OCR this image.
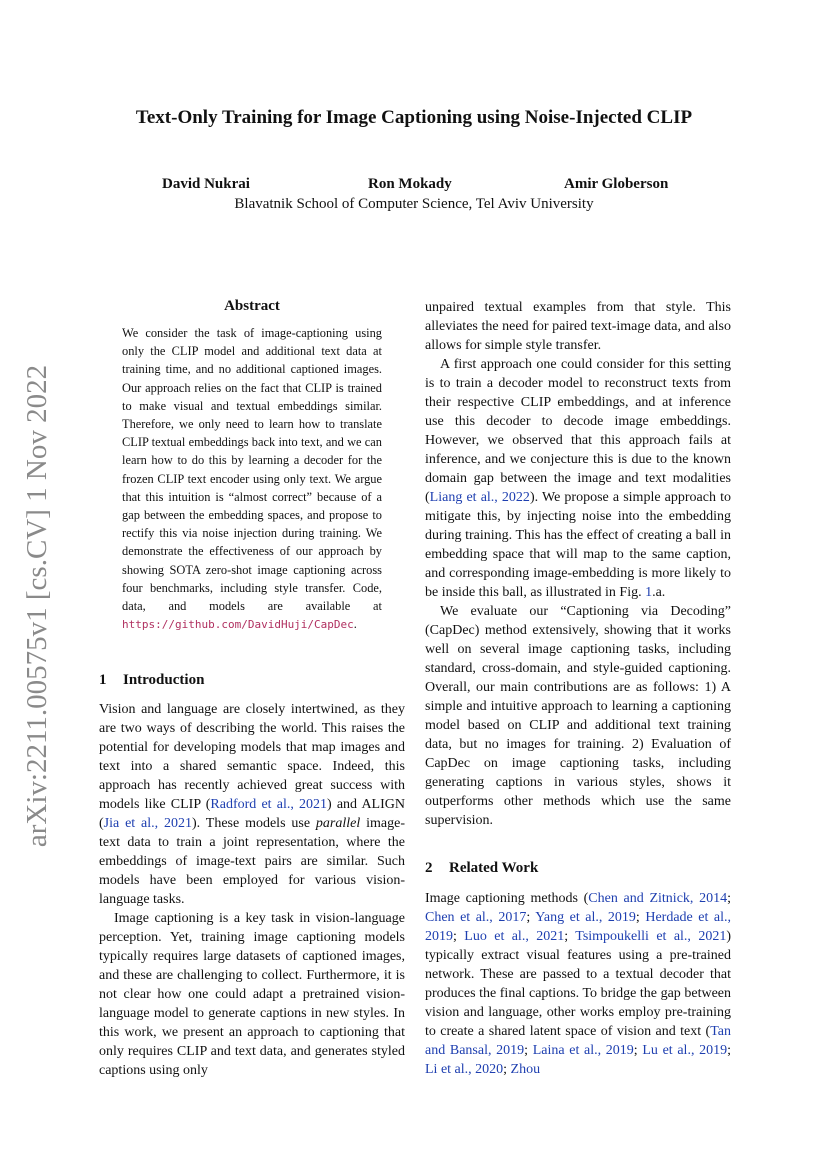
Text-Only Training for Image Captioning using Noise-Injected CLIP
David Nukrai	Ron Mokady	Amir Globerson
Blavatnik School of Computer Science, Tel Aviv University
arXiv:2211.00575v1 [cs.CV] 1 Nov 2022
Abstract

We consider the task of image-captioning using only the CLIP model and additional text data at training time, and no additional captioned images. Our approach relies on the fact that CLIP is trained to make visual and textual embeddings similar. Therefore, we only need to learn how to translate CLIP textual embeddings back into text, and we can learn how to do this by learning a decoder for the frozen CLIP text encoder using only text. We argue that this intuition is “almost correct” because of a gap between the embedding spaces, and propose to rectify this via noise injection during training. We demonstrate the effectiveness of our approach by showing SOTA zero-shot image captioning across four benchmarks, including style transfer. Code, data, and models are available at https://github.com/DavidHuji/CapDec.

1 Introduction

Vision and language are closely intertwined, as they are two ways of describing the world. This raises the potential for developing models that map images and text into a shared semantic space. Indeed, this approach has recently achieved great success with models like CLIP (Radford et al., 2021) and ALIGN (Jia et al., 2021). These models use parallel image-text data to train a joint representation, where the embeddings of image-text pairs are similar. Such models have been employed for various vision-language tasks.

Image captioning is a key task in vision-language perception. Yet, training image captioning models typically requires large datasets of captioned images, and these are challenging to collect. Furthermore, it is not clear how one could adapt a pretrained vision-language model to generate captions in new styles. In this work, we present an approach to captioning that only requires CLIP and text data, and generates styled captions using only

unpaired textual examples from that style. This alleviates the need for paired text-image data, and also allows for simple style transfer.

A first approach one could consider for this setting is to train a decoder model to reconstruct texts from their respective CLIP embeddings, and at inference use this decoder to decode image embeddings. However, we observed that this approach fails at inference, and we conjecture this is due to the known domain gap between the image and text modalities (Liang et al., 2022). We propose a simple approach to mitigate this, by injecting noise into the embedding during training. This has the effect of creating a ball in embedding space that will map to the same caption, and corresponding image-embedding is more likely to be inside this ball, as illustrated in Fig. 1.a.

We evaluate our “Captioning via Decoding” (CapDec) method extensively, showing that it works well on several image captioning tasks, including standard, cross-domain, and style-guided captioning. Overall, our main contributions are as follows: 1) A simple and intuitive approach to learning a captioning model based on CLIP and additional text training data, but no images for training. 2) Evaluation of CapDec on image captioning tasks, including generating captions in various styles, shows it outperforms other methods which use the same supervision.

2 Related Work

Image captioning methods (Chen and Zitnick, 2014; Chen et al., 2017; Yang et al., 2019; Herdade et al., 2019; Luo et al., 2021; Tsimpoukelli et al., 2021) typically extract visual features using a pre-trained network. These are passed to a textual decoder that produces the final captions. To bridge the gap between vision and language, other works employ pre-training to create a shared latent space of vision and text (Tan and Bansal, 2019; Laina et al., 2019; Lu et al., 2019; Li et al., 2020; Zhou
